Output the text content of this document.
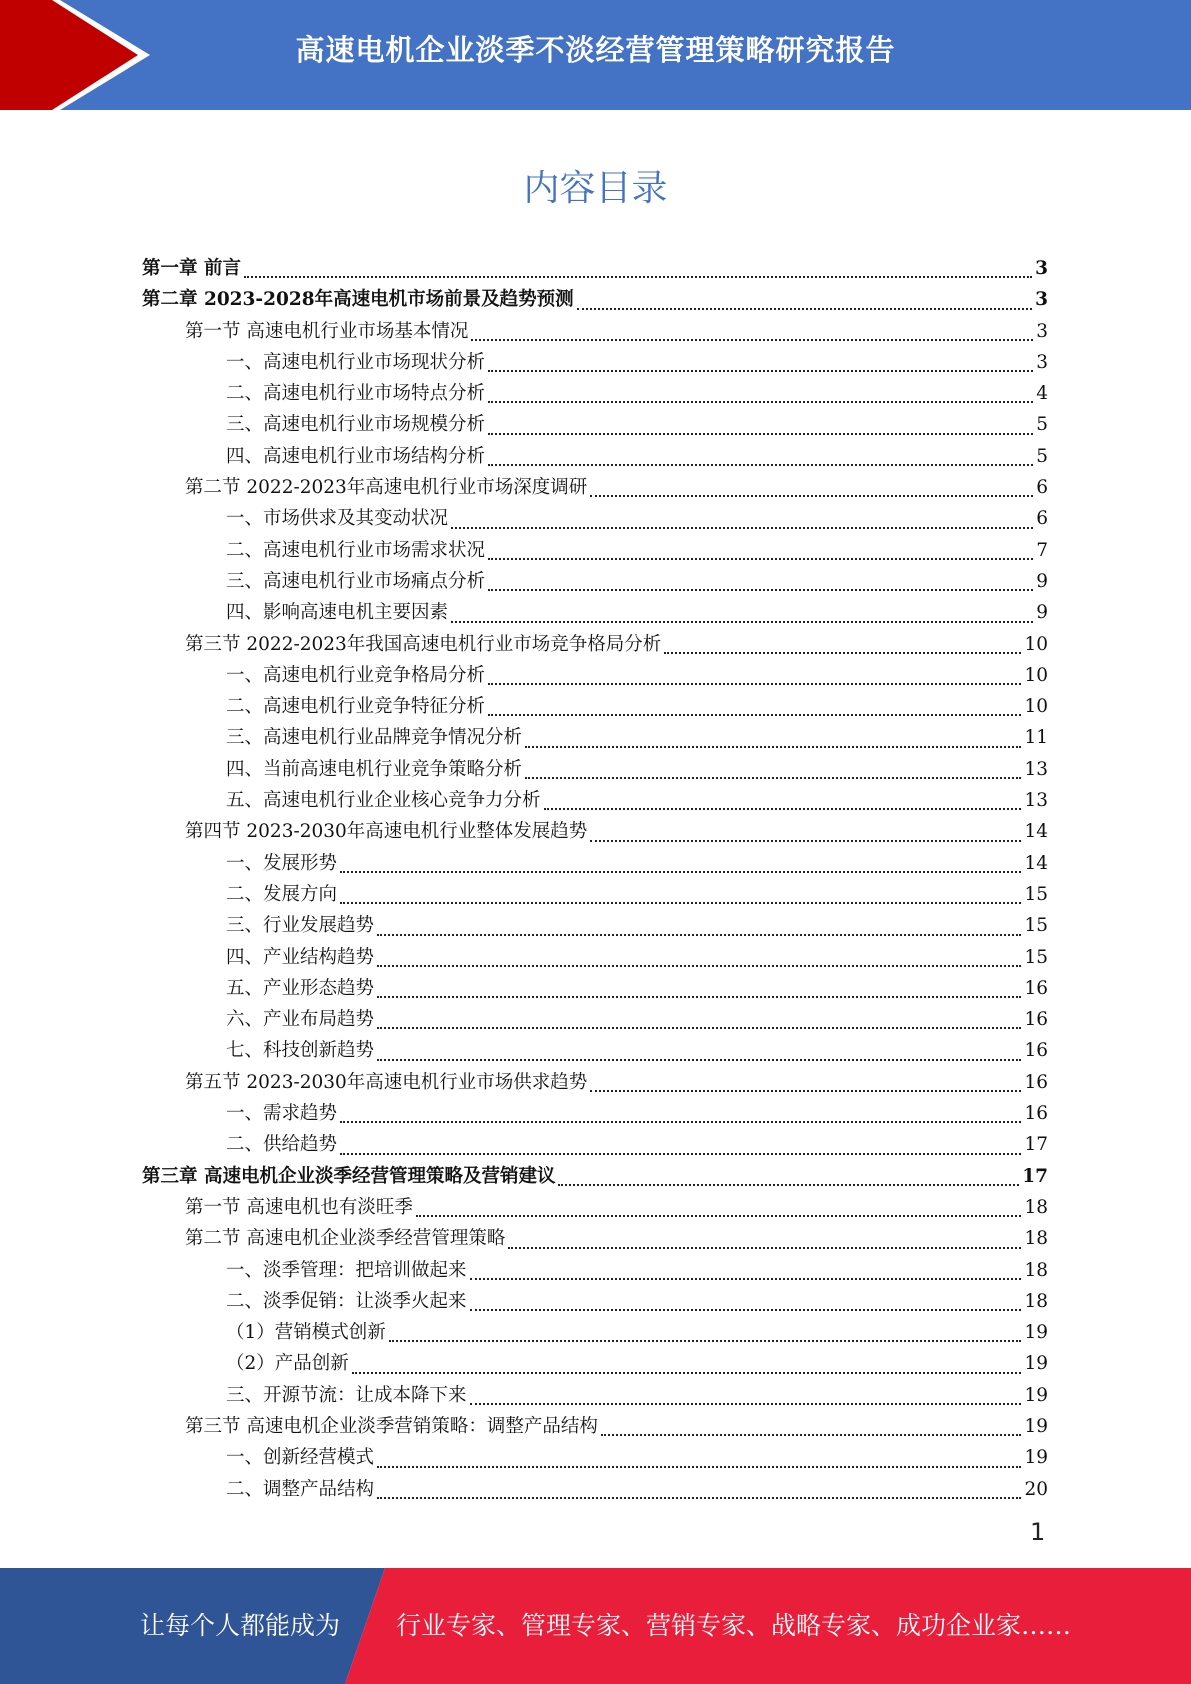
高速电机企业淡季不淡经营管理策略研究报告
内容目录
第一章 前言	3
第二章 2023-2028年高速电机市场前景及趋势预测	3
第一节 高速电机行业市场基本情况	3
一、高速电机行业市场现状分析	3
二、高速电机行业市场特点分析	4
三、高速电机行业市场规模分析	5
四、高速电机行业市场结构分析	5
第二节 2022-2023年高速电机行业市场深度调研	6
一、市场供求及其变动状况	6
二、高速电机行业市场需求状况	7
三、高速电机行业市场痛点分析	9
四、影响高速电机主要因素	9
第三节 2022-2023年我国高速电机行业市场竞争格局分析	10
一、高速电机行业竞争格局分析	10
二、高速电机行业竞争特征分析	10
三、高速电机行业品牌竞争情况分析	11
四、当前高速电机行业竞争策略分析	13
五、高速电机行业企业核心竞争力分析	13
第四节 2023-2030年高速电机行业整体发展趋势	14
一、发展形势	14
二、发展方向	15
三、行业发展趋势	15
四、产业结构趋势	15
五、产业形态趋势	16
六、产业布局趋势	16
七、科技创新趋势	16
第五节 2023-2030年高速电机行业市场供求趋势	16
一、需求趋势	16
二、供给趋势	17
第三章 高速电机企业淡季经营管理策略及营销建议	17
第一节 高速电机也有淡旺季	18
第二节 高速电机企业淡季经营管理策略	18
一、淡季管理：把培训做起来	18
二、淡季促销：让淡季火起来	18
（1）营销模式创新	19
（2）产品创新	19
三、开源节流：让成本降下来	19
第三节 高速电机企业淡季营销策略：调整产品结构	19
一、创新经营模式	19
二、调整产品结构	20
1
让每个人都能成为 行业专家、管理专家、营销专家、战略专家、成功企业家……
